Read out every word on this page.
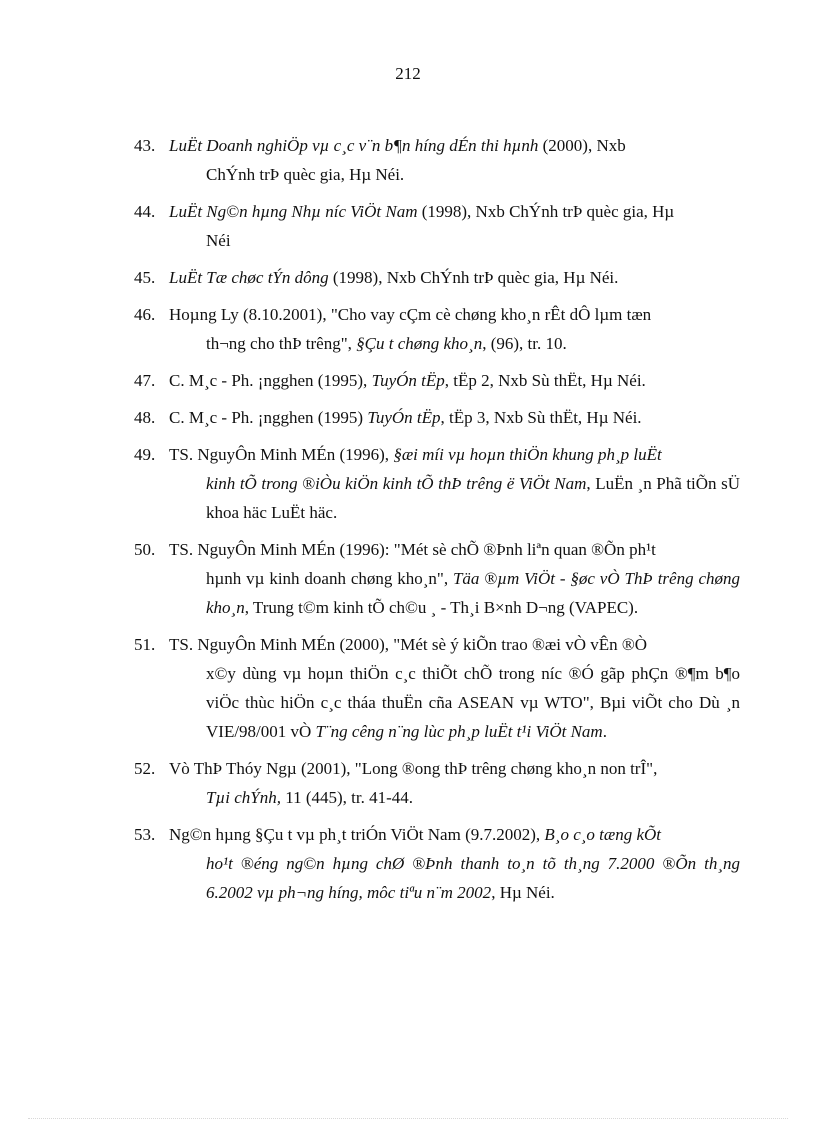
212
43. LuËt Doanh nghiÖp vµ c¸c v¨n b¶n híng dÉn thi hµnh (2000), Nxb
ChÝnh trÞ quèc gia, Hµ Néi.
44. LuËt Ng©n hµng Nhµ níc ViÖt Nam (1998), Nxb ChÝnh trÞ quèc gia, Hµ
Néi
45. LuËt Tæ chøc tÝn dông (1998), Nxb ChÝnh trÞ quèc gia, Hµ Néi.
46. Hoµng Ly (8.10.2001), "Cho vay cÇm cè chøng kho¸n rÊt dÔ lµm tæn
th¬ng cho thÞ trêng", §Çu t chøng kho¸n, (96), tr. 10.
47. C. M¸c - Ph. ¡ngghen (1995), TuyÓn tËp, tËp 2, Nxb Sù thËt, Hµ Néi.
48. C. M¸c - Ph. ¡ngghen (1995) TuyÓn tËp, tËp 3, Nxb Sù thËt, Hµ Néi.
49. TS. NguyÔn Minh MÉn (1996), §æi míi vµ hoµn thiÖn khung ph¸p luËt
kinh tÕ trong ®iÒu kiÖn kinh tÕ thÞ trêng ë ViÖt Nam, LuËn ¸n Phã tiÕn sÜ khoa häc LuËt häc.
50. TS. NguyÔn Minh MÉn (1996): "Mét sè chÕ ®Þnh liªn quan ®Õn ph¹t
hµnh vµ kinh doanh chøng kho¸n", Täa ®µm ViÖt - §øc vÒ ThÞ trêng chøng kho¸n, Trung t©m kinh tÕ ch©u ¸ - Th¸i B×nh D¬ng (VAPEC).
51. TS. NguyÔn Minh MÉn (2000), "Mét sè ý kiÕn trao ®æi vÒ vÊn ®Ò
x©y dùng vµ hoµn thiÖn c¸c thiÕt chÕ trong níc ®Ó gãp phÇn ®¶m b¶o viÖc thùc hiÖn c¸c tháa thuËn cña ASEAN vµ WTO", Bµi viÕt cho Dù ¸n VIE/98/001 vÒ T¨ng cêng n¨ng lùc ph¸p luËt t¹i ViÖt Nam.
52. Vò ThÞ Thóy Ngµ (2001), "Long ®ong thÞ trêng chøng kho¸n non trÎ",
Tµi chÝnh, 11 (445), tr. 41-44.
53. Ng©n hµng §Çu t vµ ph¸t triÓn ViÖt Nam (9.7.2002), B¸o c¸o tæng kÕt
ho¹t ®éng ng©n hµng chØ ®Þnh thanh to¸n tõ th¸ng 7.2000 ®Õn th¸ng 6.2002 vµ ph¬ng híng, môc tiªu n¨m 2002, Hµ Néi.
